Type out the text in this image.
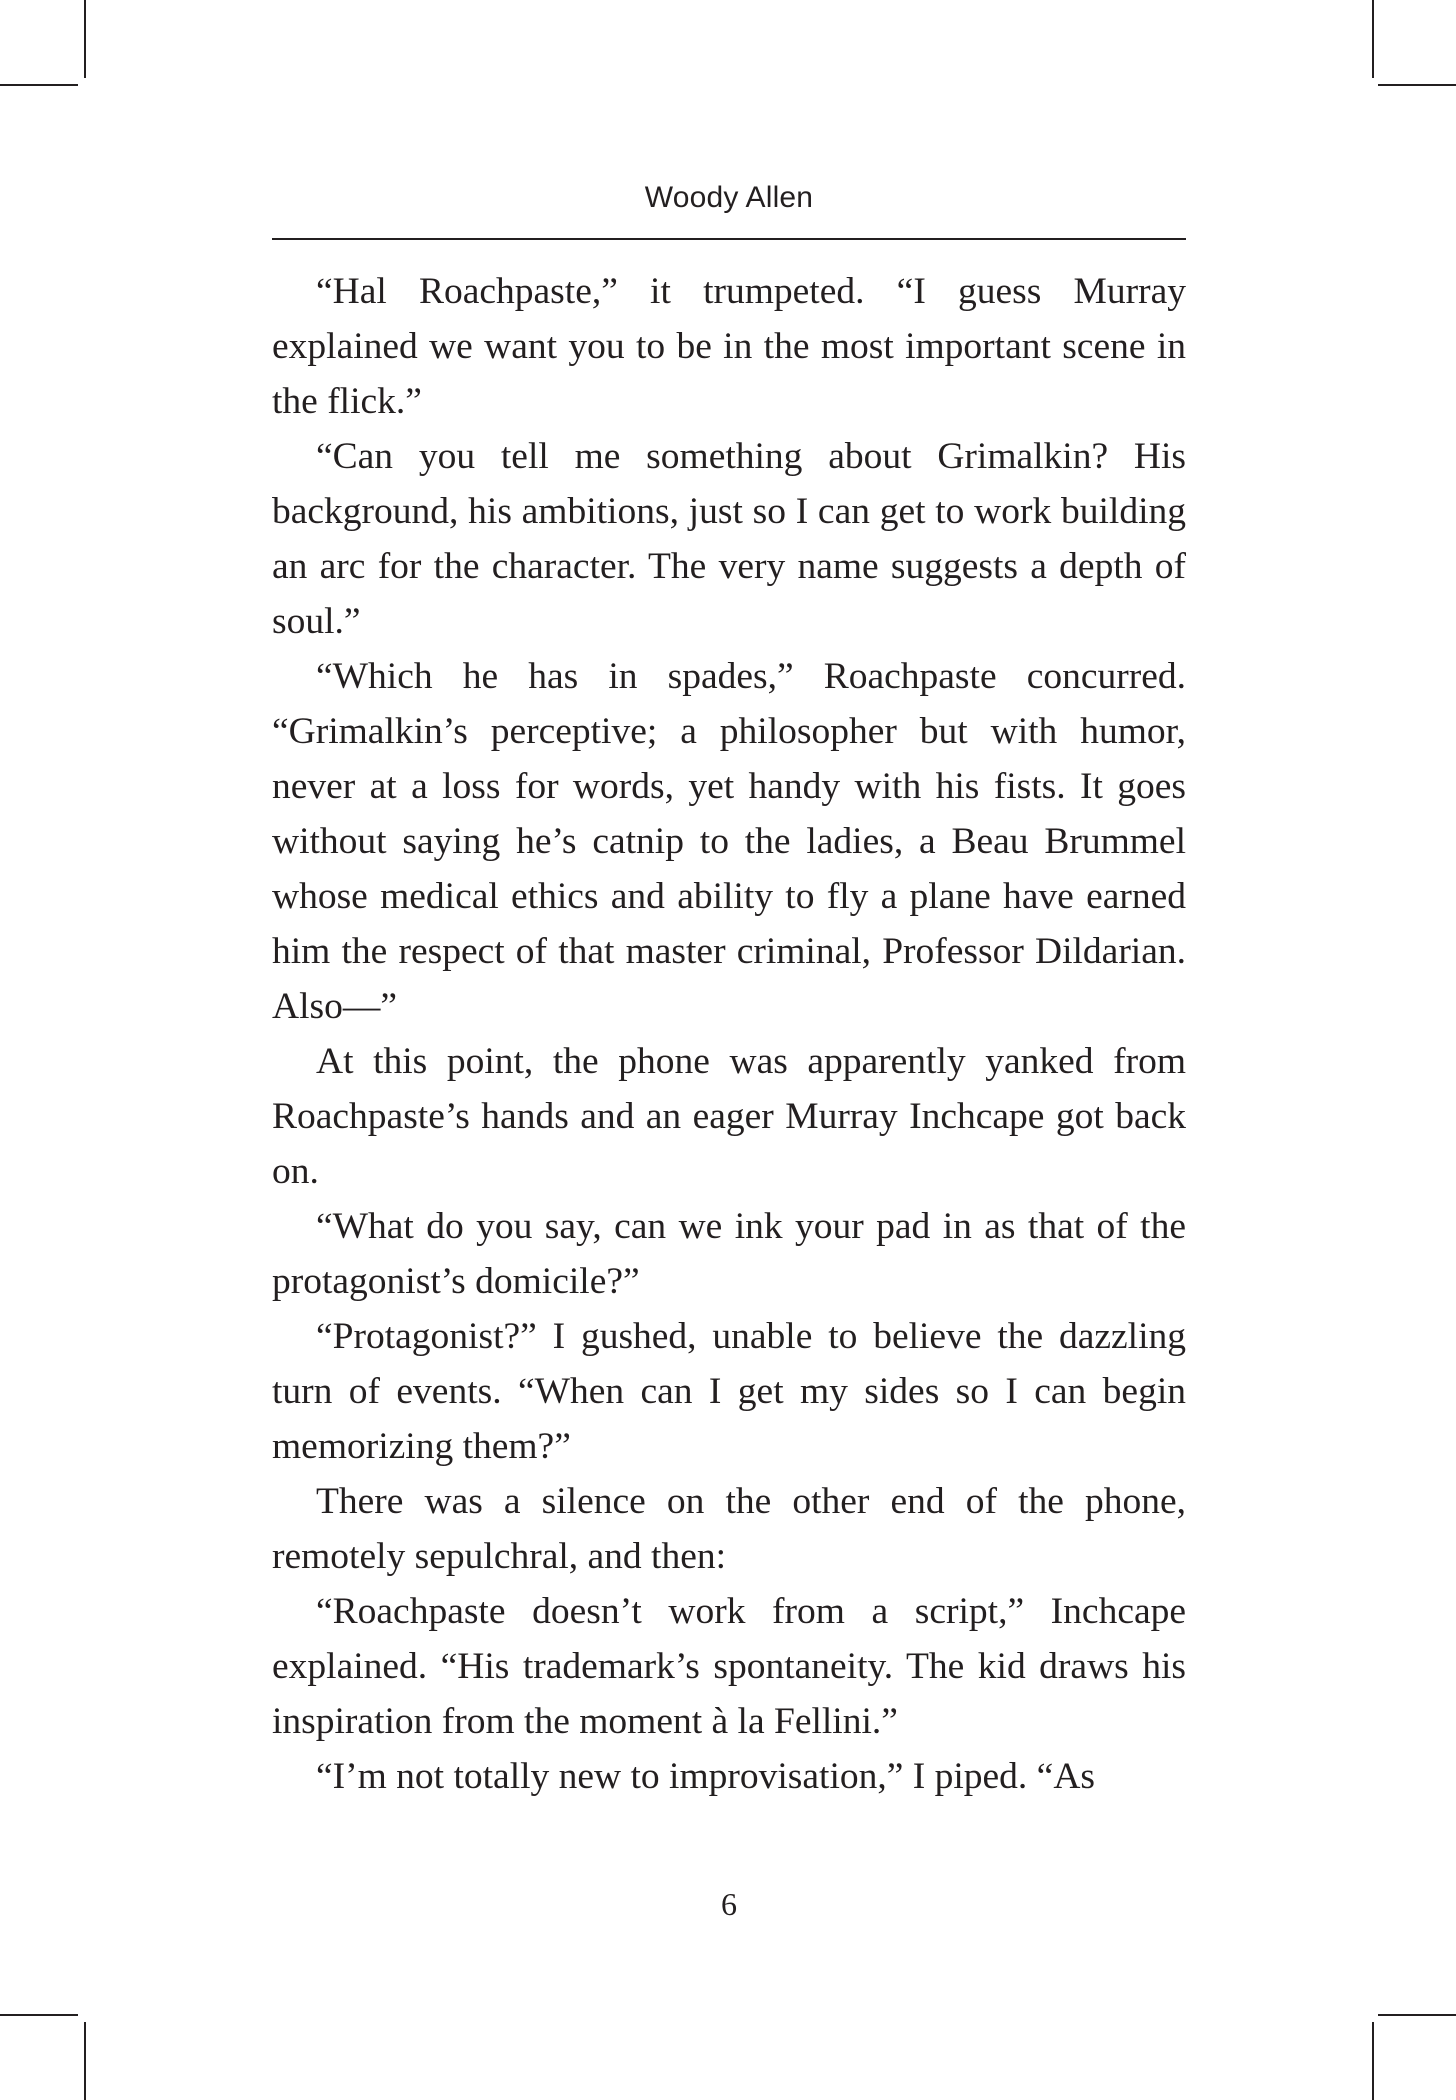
Woody Allen

“Hal Roachpaste,” it trumpeted. “I guess Murray explained we want you to be in the most important scene in the flick.”

“Can you tell me something about Grimalkin? His background, his ambitions, just so I can get to work building an arc for the character. The very name suggests a depth of soul.”

“Which he has in spades,” Roachpaste concurred. “Grimalkin’s perceptive; a philosopher but with humor, never at a loss for words, yet handy with his fists. It goes without saying he’s catnip to the ladies, a Beau Brummel whose medical ethics and ability to fly a plane have earned him the respect of that master criminal, Professor Dildarian. Also—”

At this point, the phone was apparently yanked from Roachpaste’s hands and an eager Murray Inchcape got back on.

“What do you say, can we ink your pad in as that of the protagonist’s domicile?”

“Protagonist?” I gushed, unable to believe the dazzling turn of events. “When can I get my sides so I can begin memorizing them?”

There was a silence on the other end of the phone, remotely sepulchral, and then:

“Roachpaste doesn’t work from a script,” Inchcape explained. “His trademark’s spontaneity. The kid draws his inspiration from the moment à la Fellini.”

“I’m not totally new to improvisation,” I piped. “As

6
